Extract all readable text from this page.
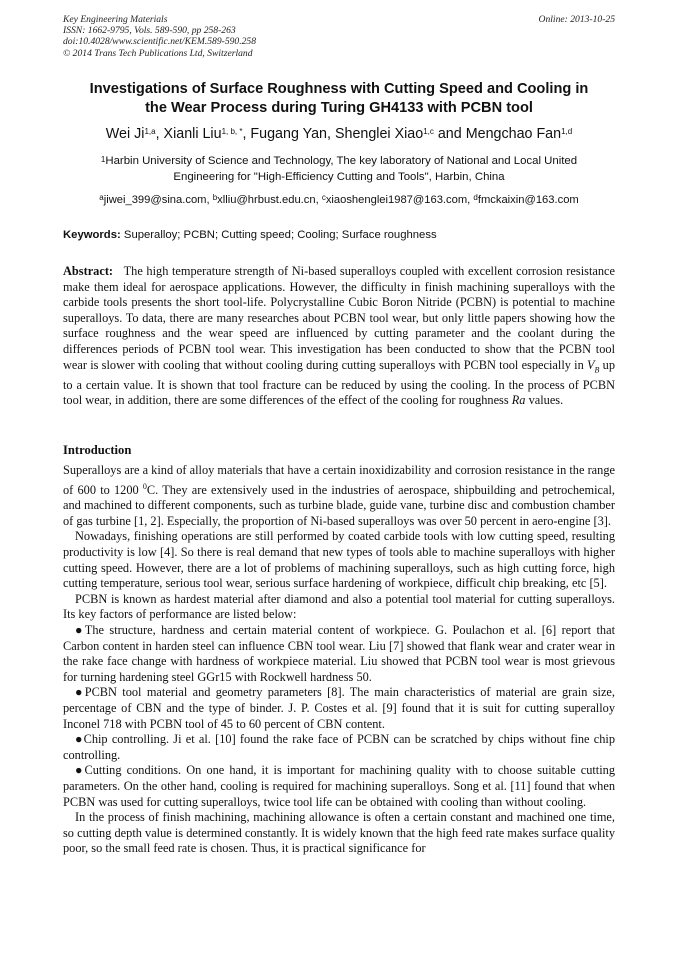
Key Engineering Materials
ISSN: 1662-9795, Vols. 589-590, pp 258-263
doi:10.4028/www.scientific.net/KEM.589-590.258
© 2014 Trans Tech Publications Ltd, Switzerland
Online: 2013-10-25
Investigations of Surface Roughness with Cutting Speed and Cooling in
the Wear Process during Turing GH4133 with PCBN tool
Wei Ji$^{1,a}$, Xianli Liu$^{1, b, *}$, Fugang Yan, Shenglei Xiao$^{1,c}$ and Mengchao Fan$^{1,d}$
$^1$Harbin University of Science and Technology, The key laboratory of National and Local United
Engineering for "High-Efficiency Cutting and Tools", Harbin, China
$^a$jiwei_399@sina.com, $^b$xlliu@hrbust.edu.cn, $^c$xiaoshenglei1987@163.com, $^d$fmckaixin@163.com
Keywords: Superalloy; PCBN; Cutting speed; Cooling; Surface roughness
Abstract: The high temperature strength of Ni-based superalloys coupled with excellent corrosion resistance make them ideal for aerospace applications. However, the difficulty in finish machining superalloys with the carbide tools presents the short tool-life. Polycrystalline Cubic Boron Nitride (PCBN) is potential to machine superalloys. To data, there are many researches about PCBN tool wear, but only little papers showing how the surface roughness and the wear speed are influenced by cutting parameter and the coolant during the differences periods of PCBN tool wear. This investigation has been conducted to show that the PCBN tool wear is slower with cooling that without cooling during cutting superalloys with PCBN tool especially in $V_B$ up to a certain value. It is shown that tool fracture can be reduced by using the cooling. In the process of PCBN tool wear, in addition, there are some differences of the effect of the cooling for roughness Ra values.
Introduction

Superalloys are a kind of alloy materials that have a certain inoxidizability and corrosion resistance in the range of 600 to 1200 $^0$C. They are extensively used in the industries of aerospace, shipbuilding and petrochemical, and machined to different components, such as turbine blade, guide vane, turbine disc and combustion chamber of gas turbine [1, 2]. Especially, the proportion of Ni-based superalloys was over 50 percent in aero-engine [3].

Nowadays, finishing operations are still performed by coated carbide tools with low cutting speed, resulting productivity is low [4]. So there is real demand that new types of tools able to machine superalloys with higher cutting speed. However, there are a lot of problems of machining superalloys, such as high cutting force, high cutting temperature, serious tool wear, serious surface hardening of workpiece, difficult chip breaking, etc [5].

PCBN is known as hardest material after diamond and also a potential tool material for cutting superalloys. Its key factors of performance are listed below:

●The structure, hardness and certain material content of workpiece. G. Poulachon et al. [6] report that Carbon content in harden steel can influence CBN tool wear. Liu [7] showed that flank wear and crater wear in the rake face change with hardness of workpiece material. Liu showed that PCBN tool wear is most grievous for turning hardening steel GGr15 with Rockwell hardness 50.

●PCBN tool material and geometry parameters [8]. The main characteristics of material are grain size, percentage of CBN and the type of binder. J. P. Costes et al. [9] found that it is suit for cutting superalloy Inconel 718 with PCBN tool of 45 to 60 percent of CBN content.

●Chip controlling. Ji et al. [10] found the rake face of PCBN can be scratched by chips without fine chip controlling.

●Cutting conditions. On one hand, it is important for machining quality with to choose suitable cutting parameters. On the other hand, cooling is required for machining superalloys. Song et al. [11] found that when PCBN was used for cutting superalloys, twice tool life can be obtained with cooling than without cooling.

In the process of finish machining, machining allowance is often a certain constant and machined one time, so cutting depth value is determined constantly. It is widely known that the high feed rate makes surface quality poor, so the small feed rate is chosen. Thus, it is practical significance for
